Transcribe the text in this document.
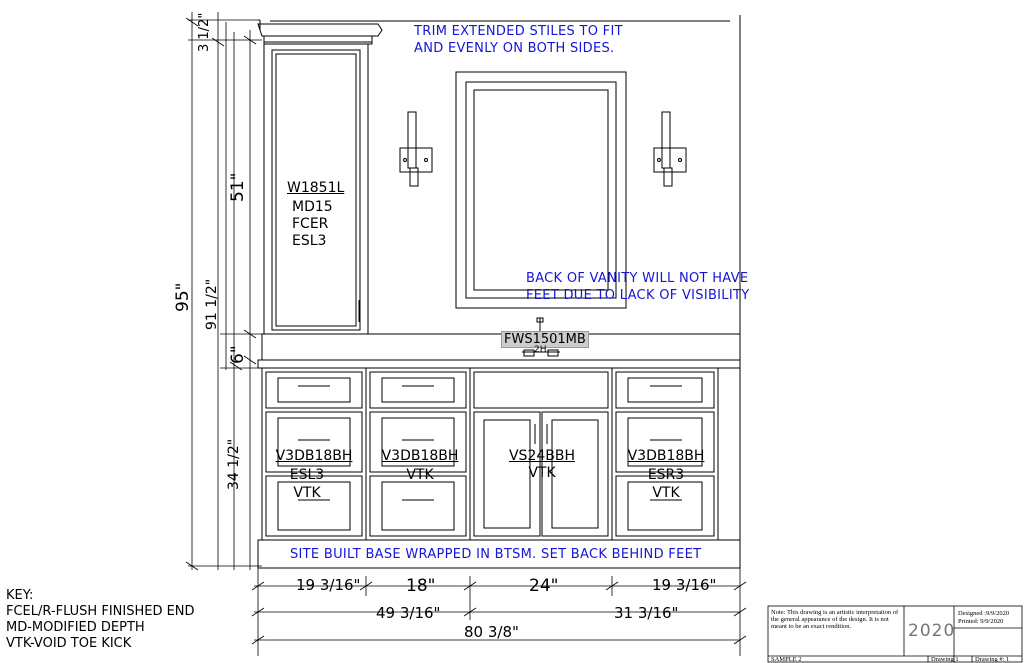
TRIM EXTENDED STILES TO FIT
AND EVENLY ON BOTH SIDES.
BACK OF VANITY WILL NOT HAVE
FEET DUE TO LACK OF VISIBILITY
SITE BUILT BASE WRAPPED IN BTSM. SET BACK BEHIND FEET
W1851L
MD15
FCER
ESL3
FWS1501MB
2H
V3DB18BH
ESL3
VTK
V3DB18BH
VTK
VS24BBH
VTK
V3DB18BH
ESR3
VTK
95"
3 1/2"
51"
91 1/2"
6"
34 1/2"
19 3/16"	18"	24"	19 3/16"
49 3/16"	31 3/16"
80 3/8"
KEY:
FCEL/R-FLUSH FINISHED END
MD-MODIFIED DEPTH
VTK-VOID TOE KICK
Note: This drawing is an artistic interpretation of the general appearance of the design. It is not meant to be an exact rendition.	2020
Designed :9/9/2020
Printed: 9/9/2020
SAMPLE 2	Drawing 1	Drawing #: 1
